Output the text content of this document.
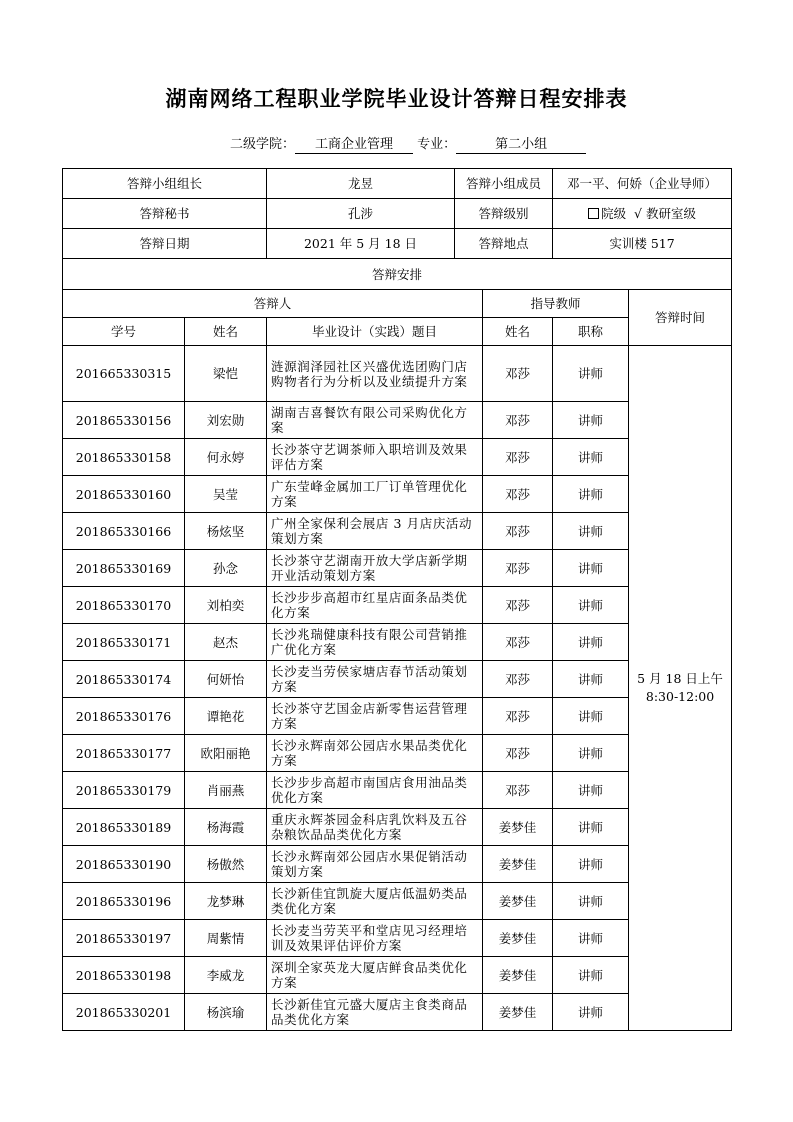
湖南网络工程职业学院毕业设计答辩日程安排表
二级学院： 工商企业管理 专业：	第二小组
答辩小组组长		龙昱	答辩小组成员		邓一平、何娇（企业导师）	
答辩秘书		孔涉	答辩级别		院级 √ 教研室级	
答辩日期		2021 年 5 月 18 日	答辩地点		实训楼 517	
答辩安排						
答辩人				指导教师		答辩时间
学号	姓名	毕业设计（实践）题目		姓名	职称	
201665330315	梁恺	涟源润泽园社区兴盛优选团购门店购物者行为分析以及业绩提升方案		邓莎	讲师	5 月 18 日上午
8:30-12:00

201865330156	刘宏勋	湖南吉喜餐饮有限公司采购优化方案		邓莎	讲师	
201865330158	何永婷	长沙茶守艺调茶师入职培训及效果评估方案		邓莎	讲师	
201865330160	吴莹	广东莹峰金属加工厂订单管理优化方案		邓莎	讲师	
201865330166	杨炫坚	广州全家保利会展店 3 月店庆活动策划方案		邓莎	讲师	
201865330169	孙念	长沙茶守艺湖南开放大学店新学期开业活动策划方案		邓莎	讲师	
201865330170	刘柏奕	长沙步步高超市红星店面条品类优化方案		邓莎	讲师	
201865330171	赵杰	长沙兆瑞健康科技有限公司营销推广优化方案		邓莎	讲师	
201865330174	何妍怡	长沙麦当劳侯家塘店春节活动策划方案		邓莎	讲师	
201865330176	谭艳花	长沙茶守艺国金店新零售运营管理方案		邓莎	讲师	
201865330177	欧阳丽艳	长沙永辉南郊公园店水果品类优化方案		邓莎	讲师	
201865330179	肖丽燕	长沙步步高超市南国店食用油品类优化方案		邓莎	讲师	
201865330189	杨海霞	重庆永辉茶园金科店乳饮料及五谷杂粮饮品品类优化方案		姜梦佳	讲师	
201865330190	杨傲然	长沙永辉南郊公园店水果促销活动策划方案		姜梦佳	讲师	
201865330196	龙梦琳	长沙新佳宜凯旋大厦店低温奶类品类优化方案		姜梦佳	讲师	
201865330197	周紫情	长沙麦当劳芙平和堂店见习经理培训及效果评估评价方案		姜梦佳	讲师	
201865330198	李威龙	深圳全家英龙大厦店鲜食品类优化方案		姜梦佳	讲师	
201865330201	杨滨瑜	长沙新佳宜元盛大厦店主食类商品品类优化方案		姜梦佳	讲师	
